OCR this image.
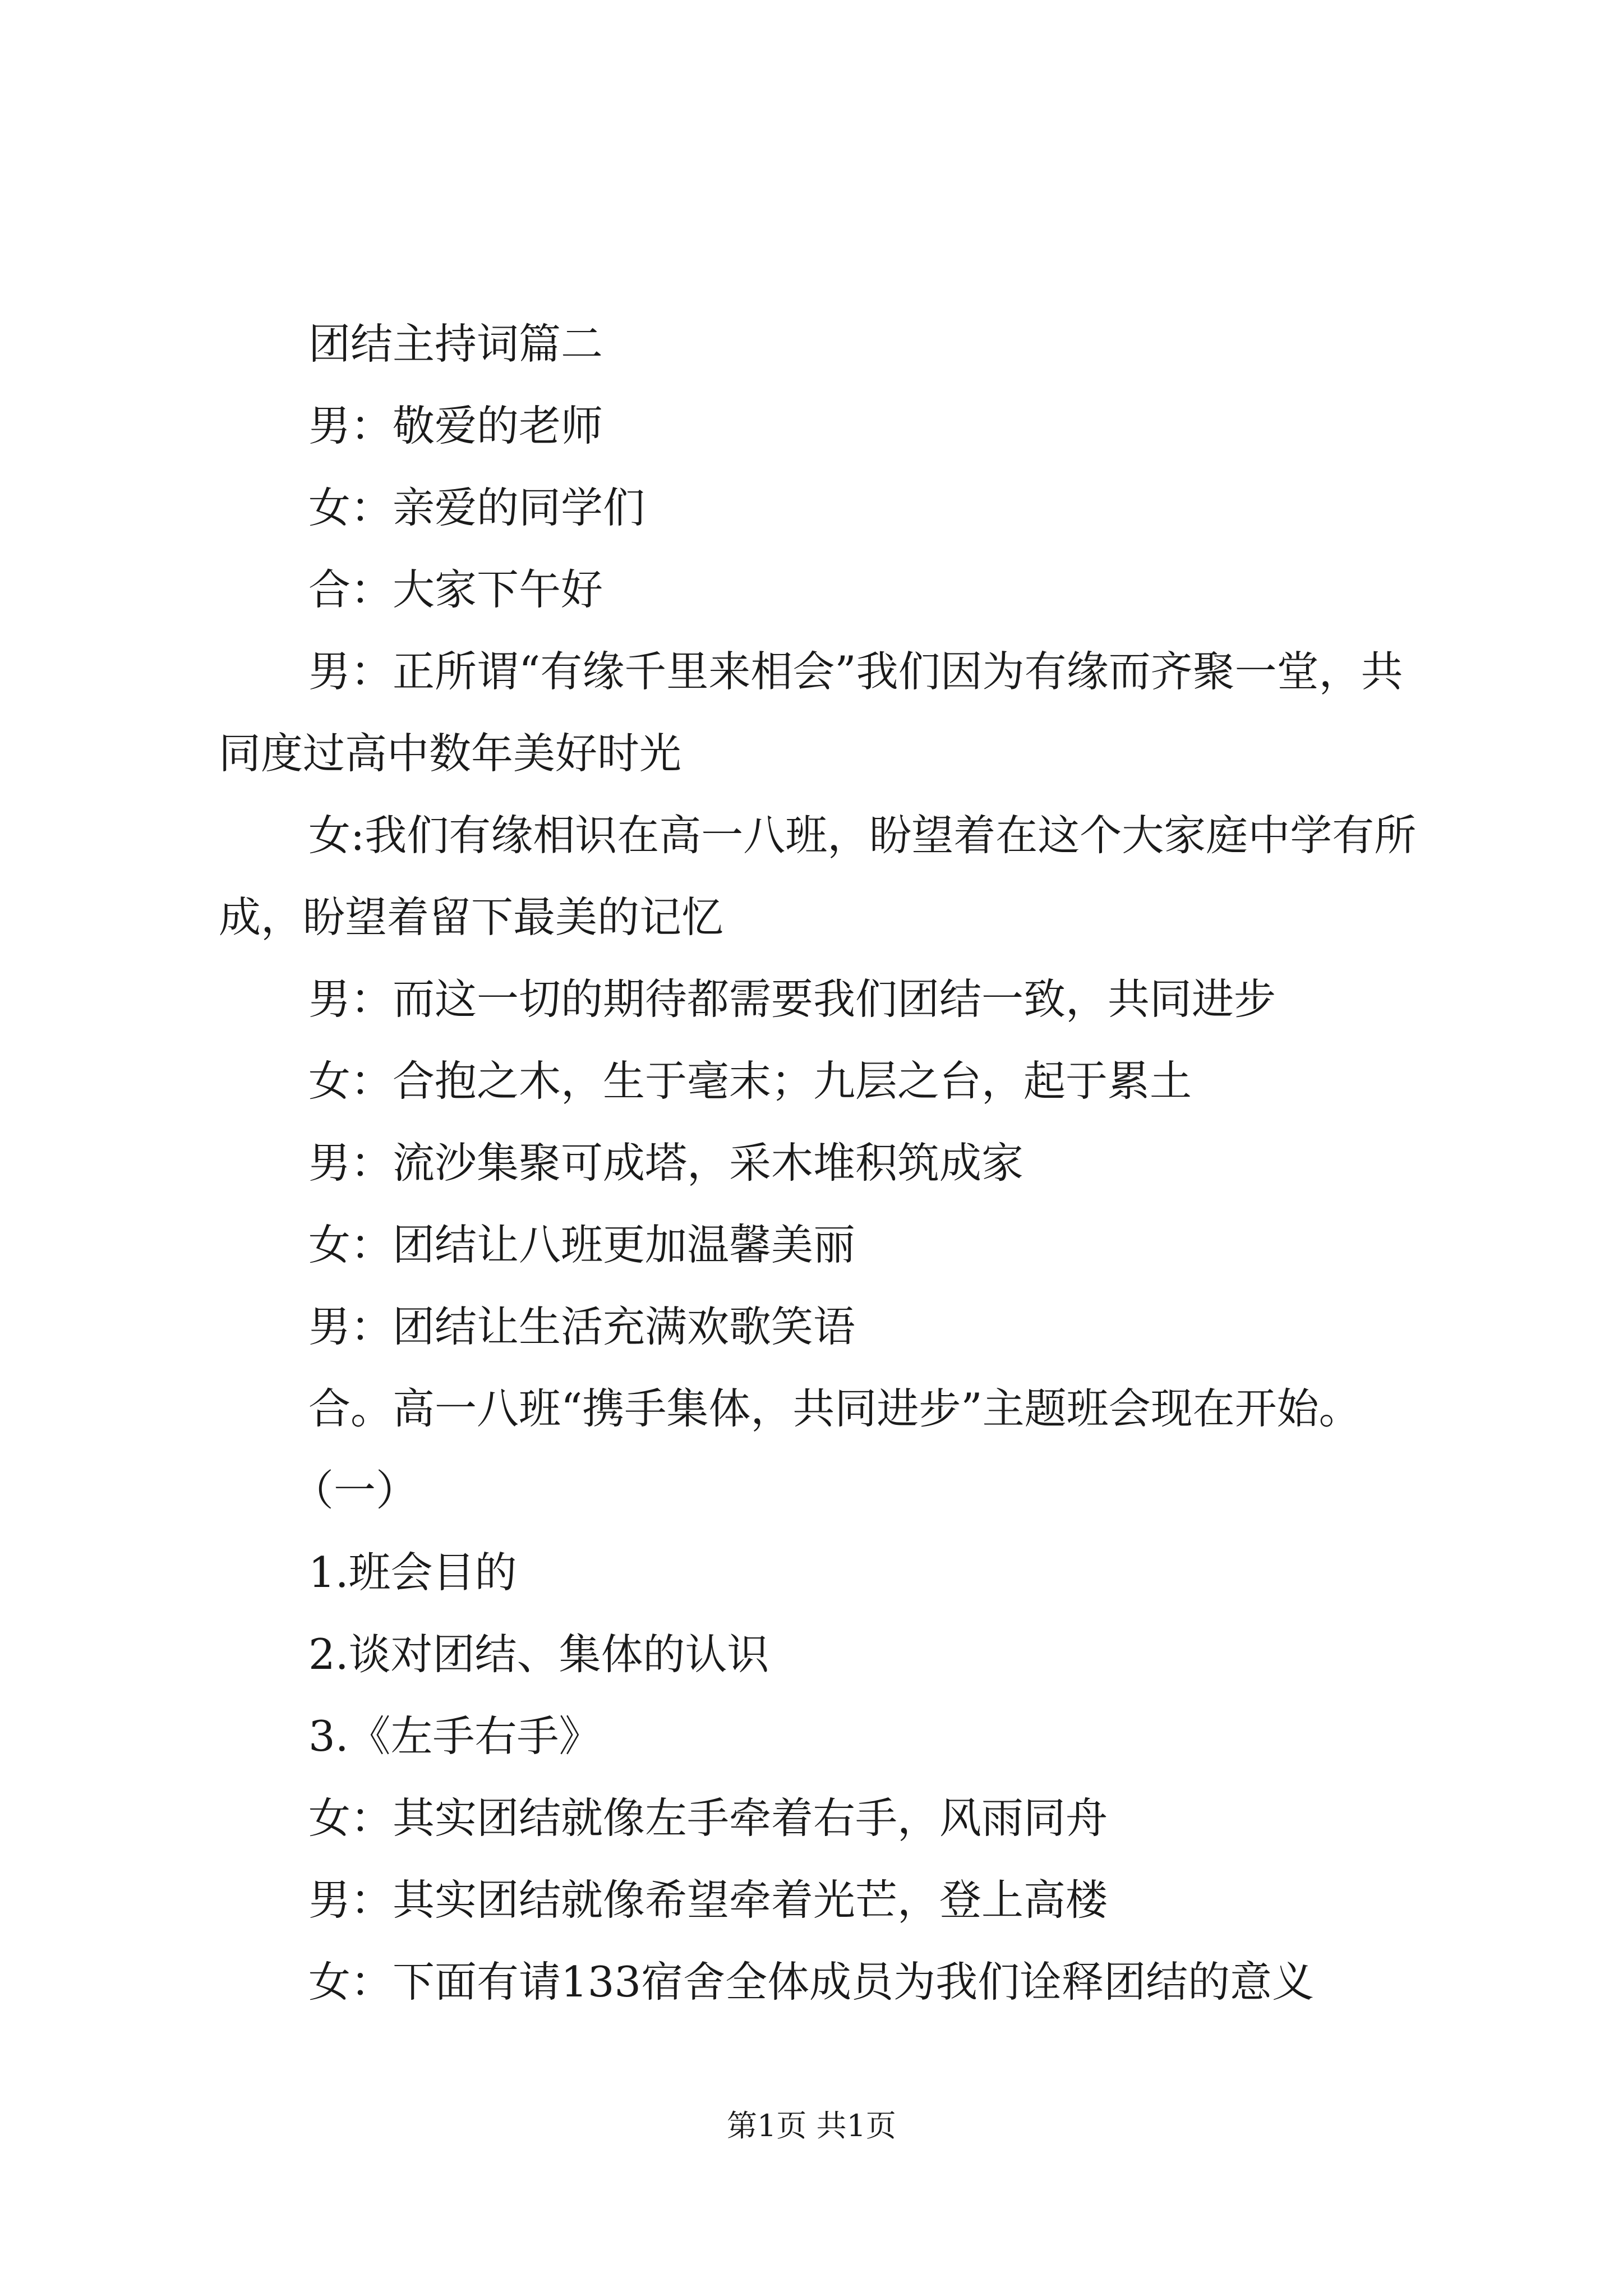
团结主持词篇二

男：敬爱的老师

女：亲爱的同学们

合：大家下午好

男：正所谓“有缘千里来相会”我们因为有缘而齐聚一堂，共同度过高中数年美好时光

女:我们有缘相识在高一八班，盼望着在这个大家庭中学有所成，盼望着留下最美的记忆

男：而这一切的期待都需要我们团结一致，共同进步

女：合抱之木，生于毫末；九层之台，起于累土

男：流沙集聚可成塔，采木堆积筑成家

女：团结让八班更加温馨美丽

男：团结让生活充满欢歌笑语

合。高一八班“携手集体，共同进步”主题班会现在开始。

（一）

1.班会目的

2.谈对团结、集体的认识

3.《左手右手》

女：其实团结就像左手牵着右手，风雨同舟

男：其实团结就像希望牵着光芒，登上高楼

女：下面有请133宿舍全体成员为我们诠释团结的意义

第1页 共1页
